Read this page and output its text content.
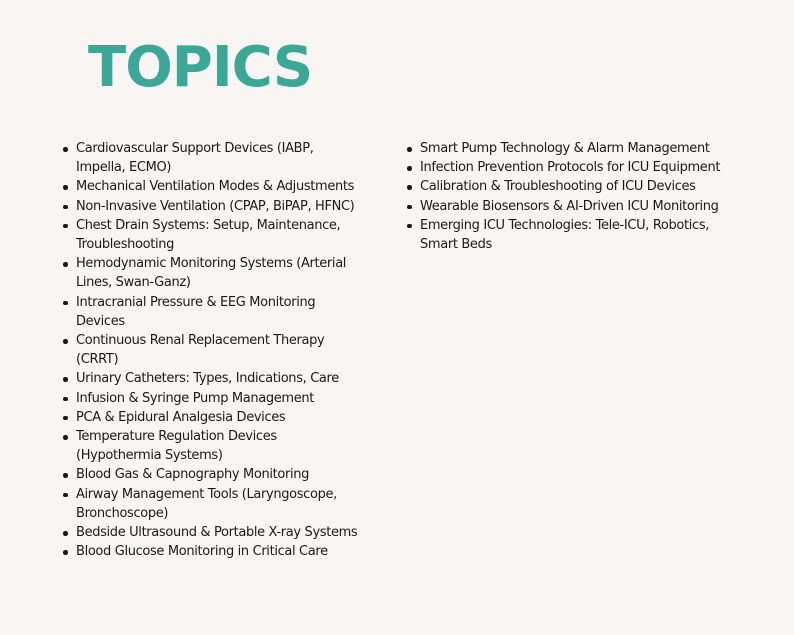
TOPICS
Cardiovascular Support Devices (IABP, Impella, ECMO)
Mechanical Ventilation Modes & Adjustments
Non-Invasive Ventilation (CPAP, BiPAP, HFNC)
Chest Drain Systems: Setup, Maintenance, Troubleshooting
Hemodynamic Monitoring Systems (Arterial Lines, Swan-Ganz)
Intracranial Pressure & EEG Monitoring Devices
Continuous Renal Replacement Therapy (CRRT)
Urinary Catheters: Types, Indications, Care
Infusion & Syringe Pump Management
PCA & Epidural Analgesia Devices
Temperature Regulation Devices (Hypothermia Systems)
Blood Gas & Capnography Monitoring
Airway Management Tools (Laryngoscope, Bronchoscope)
Bedside Ultrasound & Portable X-ray Systems
Blood Glucose Monitoring in Critical Care
Smart Pump Technology & Alarm Management
Infection Prevention Protocols for ICU Equipment
Calibration & Troubleshooting of ICU Devices
Wearable Biosensors & AI-Driven ICU Monitoring
Emerging ICU Technologies: Tele-ICU, Robotics, Smart Beds
